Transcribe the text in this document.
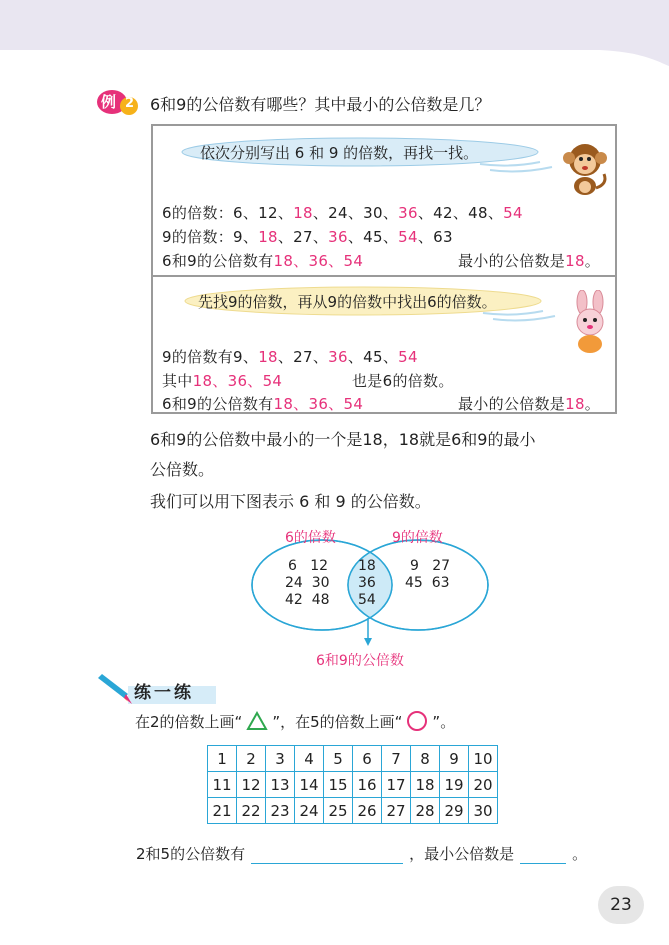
例 2 6和9的公倍数有哪些？其中最小的公倍数是几？
依次分别写出 6 和 9 的倍数，再找一找。
6的倍数：6、12、18、24、30、36、42、48、54
9的倍数：9、18、27、36、45、54、63
6和9的公倍数有18、36、54	最小的公倍数是18。
先找9的倍数，再从9的倍数中找出6的倍数。
9的倍数有9、18、27、36、45、54
其中18、36、54	也是6的倍数。
6和9的公倍数有18、36、54	最小的公倍数是18。
6和9的公倍数中最小的一个是18，18就是6和9的最小
公倍数。
我们可以用下图表示 6 和 9 的公倍数。
6的倍数	9的倍数
6   12
24  30
42  48
18
36
54
9   27
45  63
6和9的公倍数
练一练
在2的倍数上画“ ”，在5的倍数上画“ ”。
1	2	3	4	5	6	7	8	9	10
11	12	13	14	15	16	17	18	19	20
21	22	23	24	25	26	27	28	29	30
2和5的公倍数有	，最小公倍数是	。
23
